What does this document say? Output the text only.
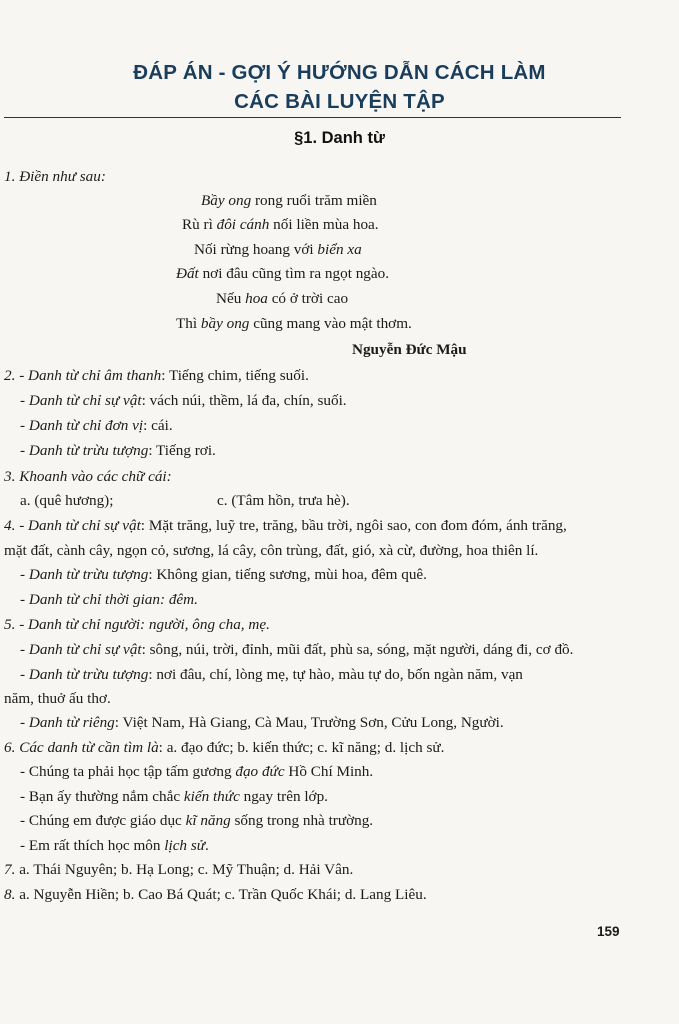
ĐÁP ÁN - GỢI Ý HƯỚNG DẪN CÁCH LÀM
CÁC BÀI LUYỆN TẬP
§1. Danh từ
1. Điền như sau:
Bầy ong rong ruổi trăm miền
Rù rì đôi cánh nối liền mùa hoa.
Nối rừng hoang với biển xa
Đất nơi đâu cũng tìm ra ngọt ngào.
Nếu hoa có ở trời cao
Thì bầy ong cũng mang vào mật thơm.
Nguyễn Đức Mậu
2. - Danh từ chỉ âm thanh: Tiếng chim, tiếng suối.
- Danh từ chỉ sự vật: vách núi, thềm, lá đa, chín, suối.
- Danh từ chỉ đơn vị: cái.
- Danh từ trừu tượng: Tiếng rơi.
3. Khoanh vào các chữ cái:
a. (quê hương);	c. (Tâm hồn, trưa hè).
4. - Danh từ chỉ sự vật: Mặt trăng, luỹ tre, trăng, bầu trời, ngôi sao, con đom đóm, ánh trăng,
mặt đất, cành cây, ngọn cỏ, sương, lá cây, côn trùng, đất, gió, xà cừ, đường, hoa thiên lí.
- Danh từ trừu tượng: Không gian, tiếng sương, mùi hoa, đêm quê.
- Danh từ chỉ thời gian: đêm.
5. - Danh từ chỉ người: người, ông cha, mẹ.
- Danh từ chỉ sự vật: sông, núi, trời, đỉnh, mũi đất, phù sa, sóng, mặt người, dáng đi, cơ đồ.
- Danh từ trừu tượng: nơi đâu, chí, lòng mẹ, tự hào, màu tự do, bốn ngàn năm, vạn
năm, thuở ấu thơ.
- Danh từ riêng: Việt Nam, Hà Giang, Cà Mau, Trường Sơn, Cửu Long, Người.
6. Các danh từ cần tìm là: a. đạo đức; b. kiến thức; c. kĩ năng; d. lịch sử.
- Chúng ta phải học tập tấm gương đạo đức Hồ Chí Minh.
- Bạn ấy thường nắm chắc kiến thức ngay trên lớp.
- Chúng em được giáo dục kĩ năng sống trong nhà trường.
- Em rất thích học môn lịch sử.
7. a. Thái Nguyên; b. Hạ Long; c. Mỹ Thuận; d. Hải Vân.
8. a. Nguyễn Hiền; b. Cao Bá Quát; c. Trần Quốc Khái; d. Lang Liêu.
159
